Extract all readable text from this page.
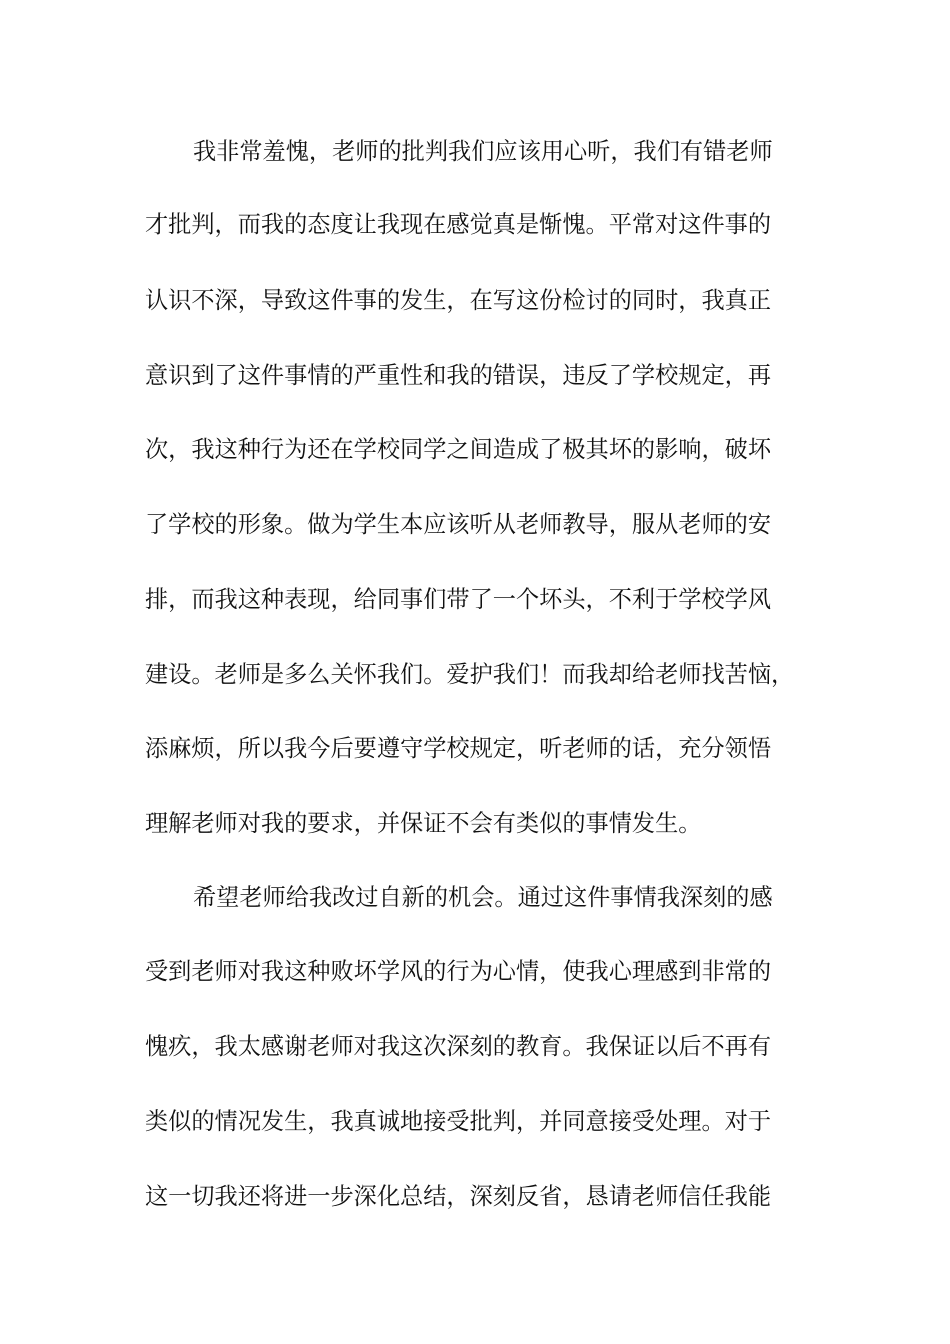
我非常羞愧，老师的批判我们应该用心听，我们有错老师
才批判，而我的态度让我现在感觉真是惭愧。平常对这件事的
认识不深，导致这件事的发生，在写这份检讨的同时，我真正
意识到了这件事情的严重性和我的错误，违反了学校规定，再
次，我这种行为还在学校同学之间造成了极其坏的影响，破坏
了学校的形象。做为学生本应该听从老师教导，服从老师的安
排，而我这种表现，给同事们带了一个坏头，不利于学校学风
建设。老师是多么关怀我们。爱护我们！而我却给老师找苦恼，
添麻烦，所以我今后要遵守学校规定，听老师的话，充分领悟
理解老师对我的要求，并保证不会有类似的事情发生。
希望老师给我改过自新的机会。通过这件事情我深刻的感
受到老师对我这种败坏学风的行为心情，使我心理感到非常的
愧疚，我太感谢老师对我这次深刻的教育。我保证以后不再有
类似的情况发生，我真诚地接受批判，并同意接受处理。对于
这一切我还将进一步深化总结，深刻反省，恳请老师信任我能
